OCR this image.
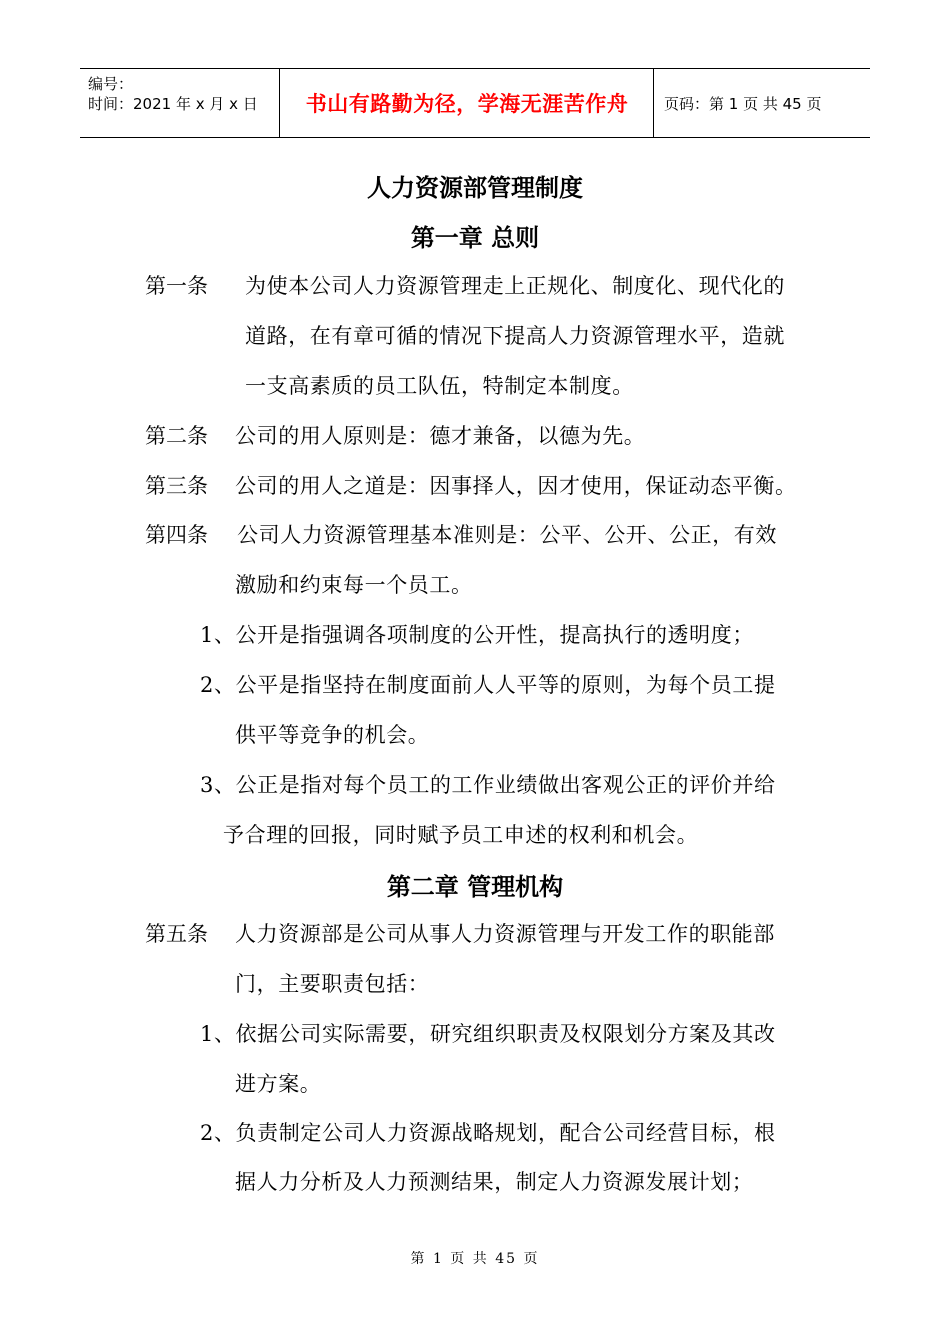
编号：
时间：2021 年 x 月 x 日	书山有路勤为径，学海无涯苦作舟	页码：第 1 页 共 45 页
人力资源部管理制度
第一章 总则
第一条 为使本公司人力资源管理走上正规化、制度化、现代化的
道路，在有章可循的情况下提高人力资源管理水平，造就
一支高素质的员工队伍，特制定本制度。
第二条 公司的用人原则是：德才兼备，以德为先。
第三条 公司的用人之道是：因事择人，因才使用，保证动态平衡。
第四条 公司人力资源管理基本准则是：公平、公开、公正，有效
激励和约束每一个员工。
1、公开是指强调各项制度的公开性，提高执行的透明度；
2、公平是指坚持在制度面前人人平等的原则，为每个员工提
供平等竞争的机会。
3、公正是指对每个员工的工作业绩做出客观公正的评价并给
予合理的回报，同时赋予员工申述的权利和机会。
第二章 管理机构
第五条 人力资源部是公司从事人力资源管理与开发工作的职能部
门，主要职责包括：
1、依据公司实际需要，研究组织职责及权限划分方案及其改
进方案。
2、负责制定公司人力资源战略规划，配合公司经营目标，根
据人力分析及人力预测结果，制定人力资源发展计划；
第 1 页 共 45 页
